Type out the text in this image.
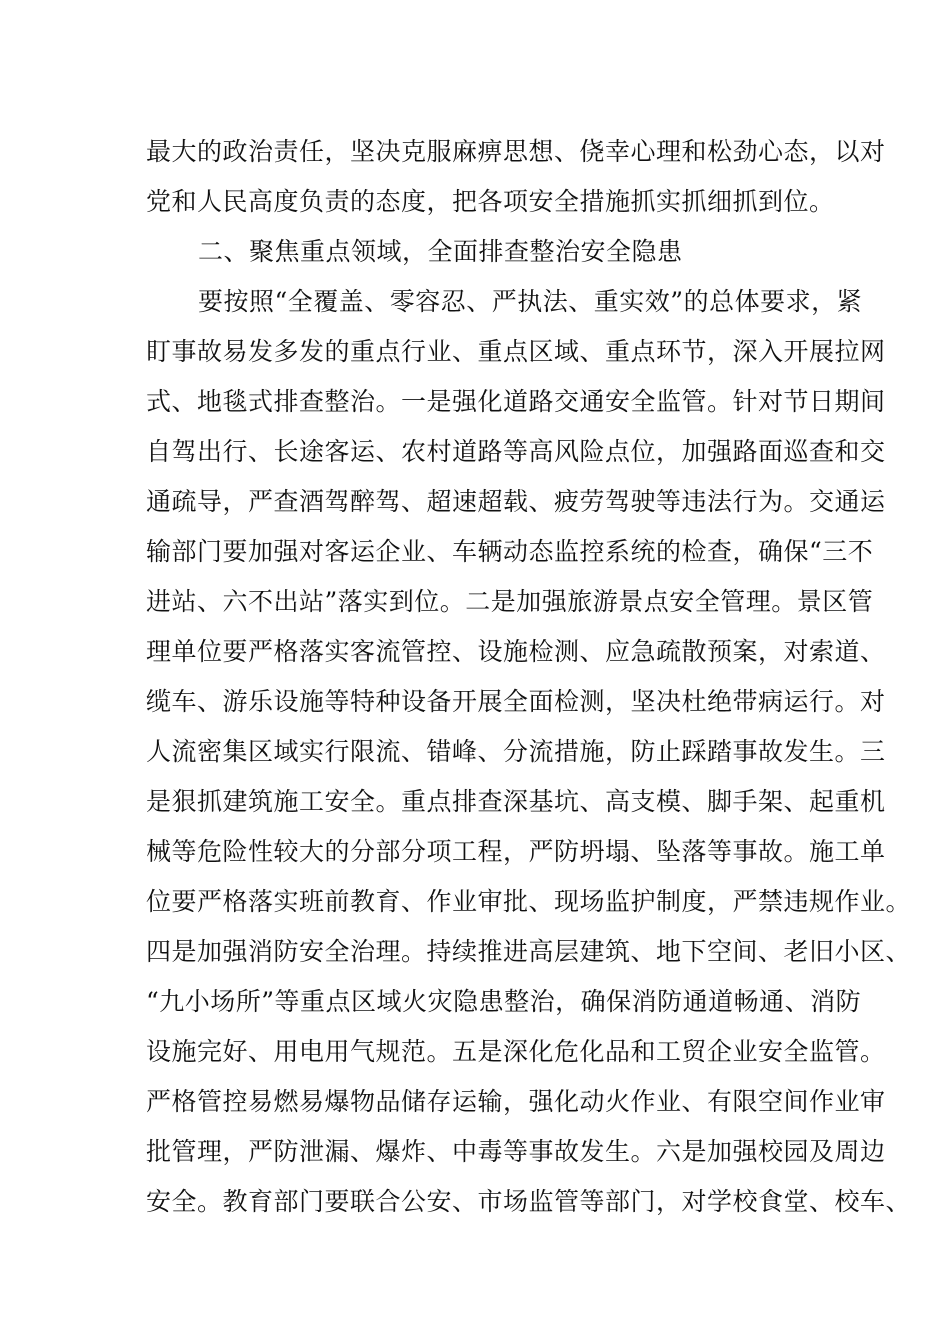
最大的政治责任，坚决克服麻痹思想、侥幸心理和松劲心态，以对
党和人民高度负责的态度，把各项安全措施抓实抓细抓到位。
二、聚焦重点领域，全面排查整治安全隐患
要按照“全覆盖、零容忍、严执法、重实效”的总体要求，紧
盯事故易发多发的重点行业、重点区域、重点环节，深入开展拉网
式、地毯式排查整治。一是强化道路交通安全监管。针对节日期间
自驾出行、长途客运、农村道路等高风险点位，加强路面巡查和交
通疏导，严查酒驾醉驾、超速超载、疲劳驾驶等违法行为。交通运
输部门要加强对客运企业、车辆动态监控系统的检查，确保“三不
进站、六不出站”落实到位。二是加强旅游景点安全管理。景区管
理单位要严格落实客流管控、设施检测、应急疏散预案，对索道、
缆车、游乐设施等特种设备开展全面检测，坚决杜绝带病运行。对
人流密集区域实行限流、错峰、分流措施，防止踩踏事故发生。三
是狠抓建筑施工安全。重点排查深基坑、高支模、脚手架、起重机
械等危险性较大的分部分项工程，严防坍塌、坠落等事故。施工单
位要严格落实班前教育、作业审批、现场监护制度，严禁违规作业。
四是加强消防安全治理。持续推进高层建筑、地下空间、老旧小区、
“九小场所”等重点区域火灾隐患整治，确保消防通道畅通、消防
设施完好、用电用气规范。五是深化危化品和工贸企业安全监管。
严格管控易燃易爆物品储存运输，强化动火作业、有限空间作业审
批管理，严防泄漏、爆炸、中毒等事故发生。六是加强校园及周边
安全。教育部门要联合公安、市场监管等部门，对学校食堂、校车、
